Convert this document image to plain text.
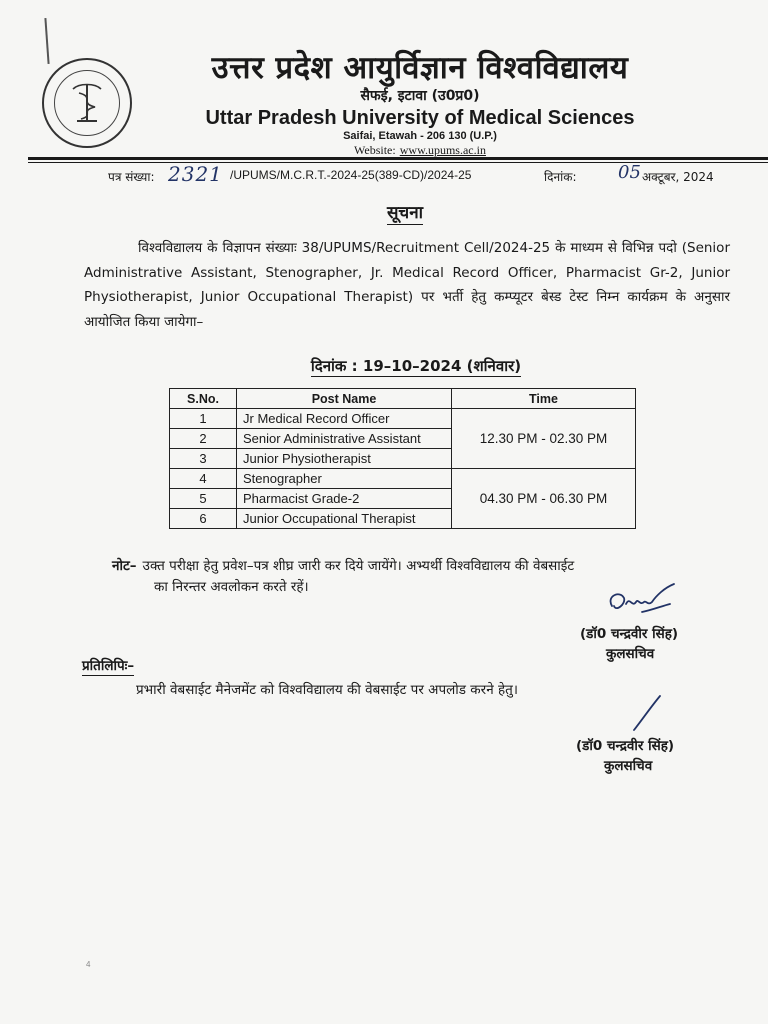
उत्तर प्रदेश आयुर्विज्ञान विश्वविद्यालय
सैफई, इटावा (उ0प्र0)
Uttar Pradesh University of Medical Sciences
Saifai, Etawah - 206 130 (U.P.)
Website: www.upums.ac.in
पत्र संख्या: 2321 /UPUMS/M.C.R.T.-2024-25(389-CD)/2024-25	दिनांक: 05 अक्टूबर, 2024
सूचना
विश्वविद्यालय के विज्ञापन संख्याः 38/UPUMS/Recruitment Cell/2024-25 के माध्यम से विभिन्न पदो (Senior Administrative Assistant, Stenographer, Jr. Medical Record Officer, Pharmacist Gr-2, Junior Physiotherapist, Junior Occupational Therapist) पर भर्ती हेतु कम्प्यूटर बेस्ड टेस्ट निम्न कार्यक्रम के अनुसार आयोजित किया जायेगा–
दिनांक : 19–10–2024 (शनिवार)
S.No.	Post Name	Time
1	Jr Medical Record Officer	12.30 PM - 02.30 PM
2	Senior Administrative Assistant	
3	Junior Physiotherapist	
4	Stenographer	04.30 PM - 06.30 PM
5	Pharmacist Grade-2	
6	Junior Occupational Therapist	
नोट– उक्त परीक्षा हेतु प्रवेश–पत्र शीघ्र जारी कर दिये जायेंगे। अभ्यर्थी विश्वविद्यालय की वेबसाईट
का निरन्तर अवलोकन करते रहें।
(डॉ0 चन्द्रवीर सिंह)
कुलसचिव
प्रतिलिपिः–
प्रभारी वेबसाईट मैनेजमेंट को विश्वविद्यालय की वेबसाईट पर अपलोड करने हेतु।
(डॉ0 चन्द्रवीर सिंह)
कुलसचिव
4
